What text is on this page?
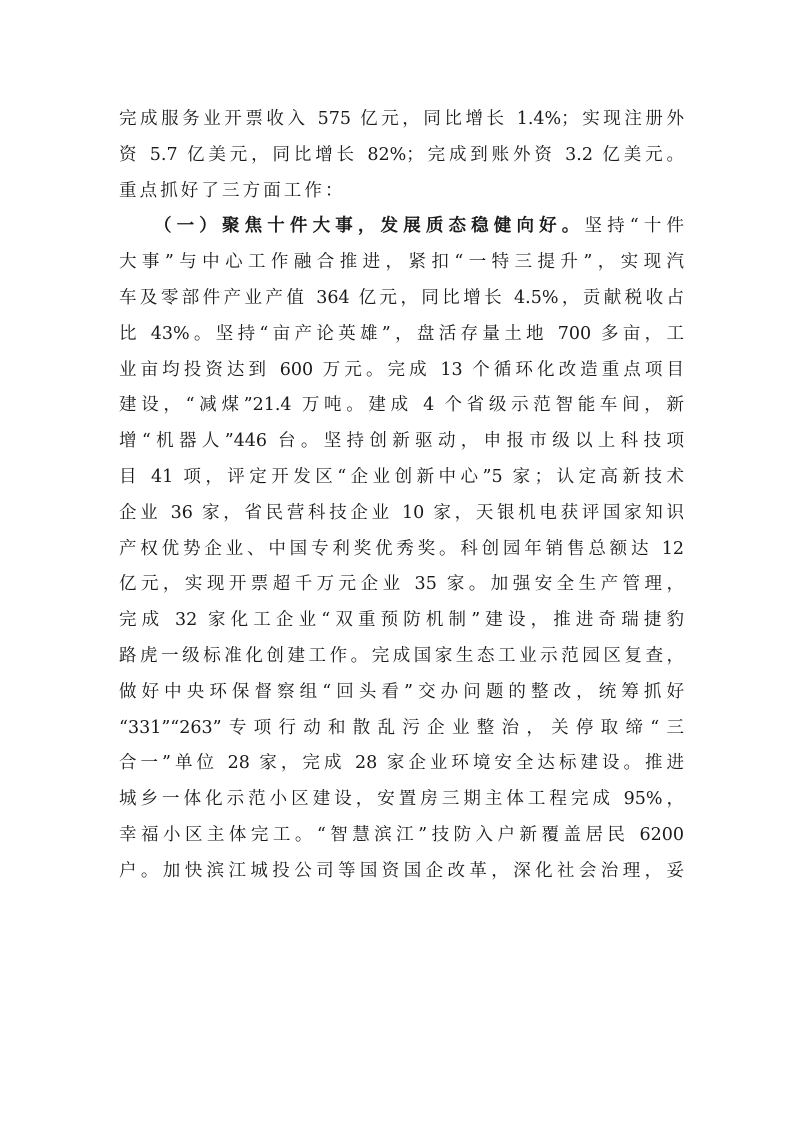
完成服务业开票收入 575 亿元，同比增长 1.4%；实现注册外
资 5.7 亿美元，同比增长 82%；完成到账外资 3.2 亿美元。
重点抓好了三方面工作：
（一）聚焦十件大事，发展质态稳健向好。坚持“十件
大事”与中心工作融合推进，紧扣“一特三提升”，实现汽
车及零部件产业产值 364 亿元，同比增长 4.5%，贡献税收占
比 43%。坚持“亩产论英雄”，盘活存量土地 700 多亩，工
业亩均投资达到 600 万元。完成 13 个循环化改造重点项目
建设，“减煤”21.4 万吨。建成 4 个省级示范智能车间，新
增“机器人”446 台。坚持创新驱动，申报市级以上科技项
目 41 项，评定开发区“企业创新中心”5 家；认定高新技术
企业 36 家，省民营科技企业 10 家，天银机电获评国家知识
产权优势企业、中国专利奖优秀奖。科创园年销售总额达 12
亿元，实现开票超千万元企业 35 家。加强安全生产管理，
完成 32 家化工企业“双重预防机制”建设，推进奇瑞捷豹
路虎一级标准化创建工作。完成国家生态工业示范园区复查，
做好中央环保督察组“回头看”交办问题的整改，统筹抓好
“331”“263”专项行动和散乱污企业整治，关停取缔“三
合一”单位 28 家，完成 28 家企业环境安全达标建设。推进
城乡一体化示范小区建设，安置房三期主体工程完成 95%，
幸福小区主体完工。“智慧滨江”技防入户新覆盖居民 6200
户。加快滨江城投公司等国资国企改革，深化社会治理，妥
